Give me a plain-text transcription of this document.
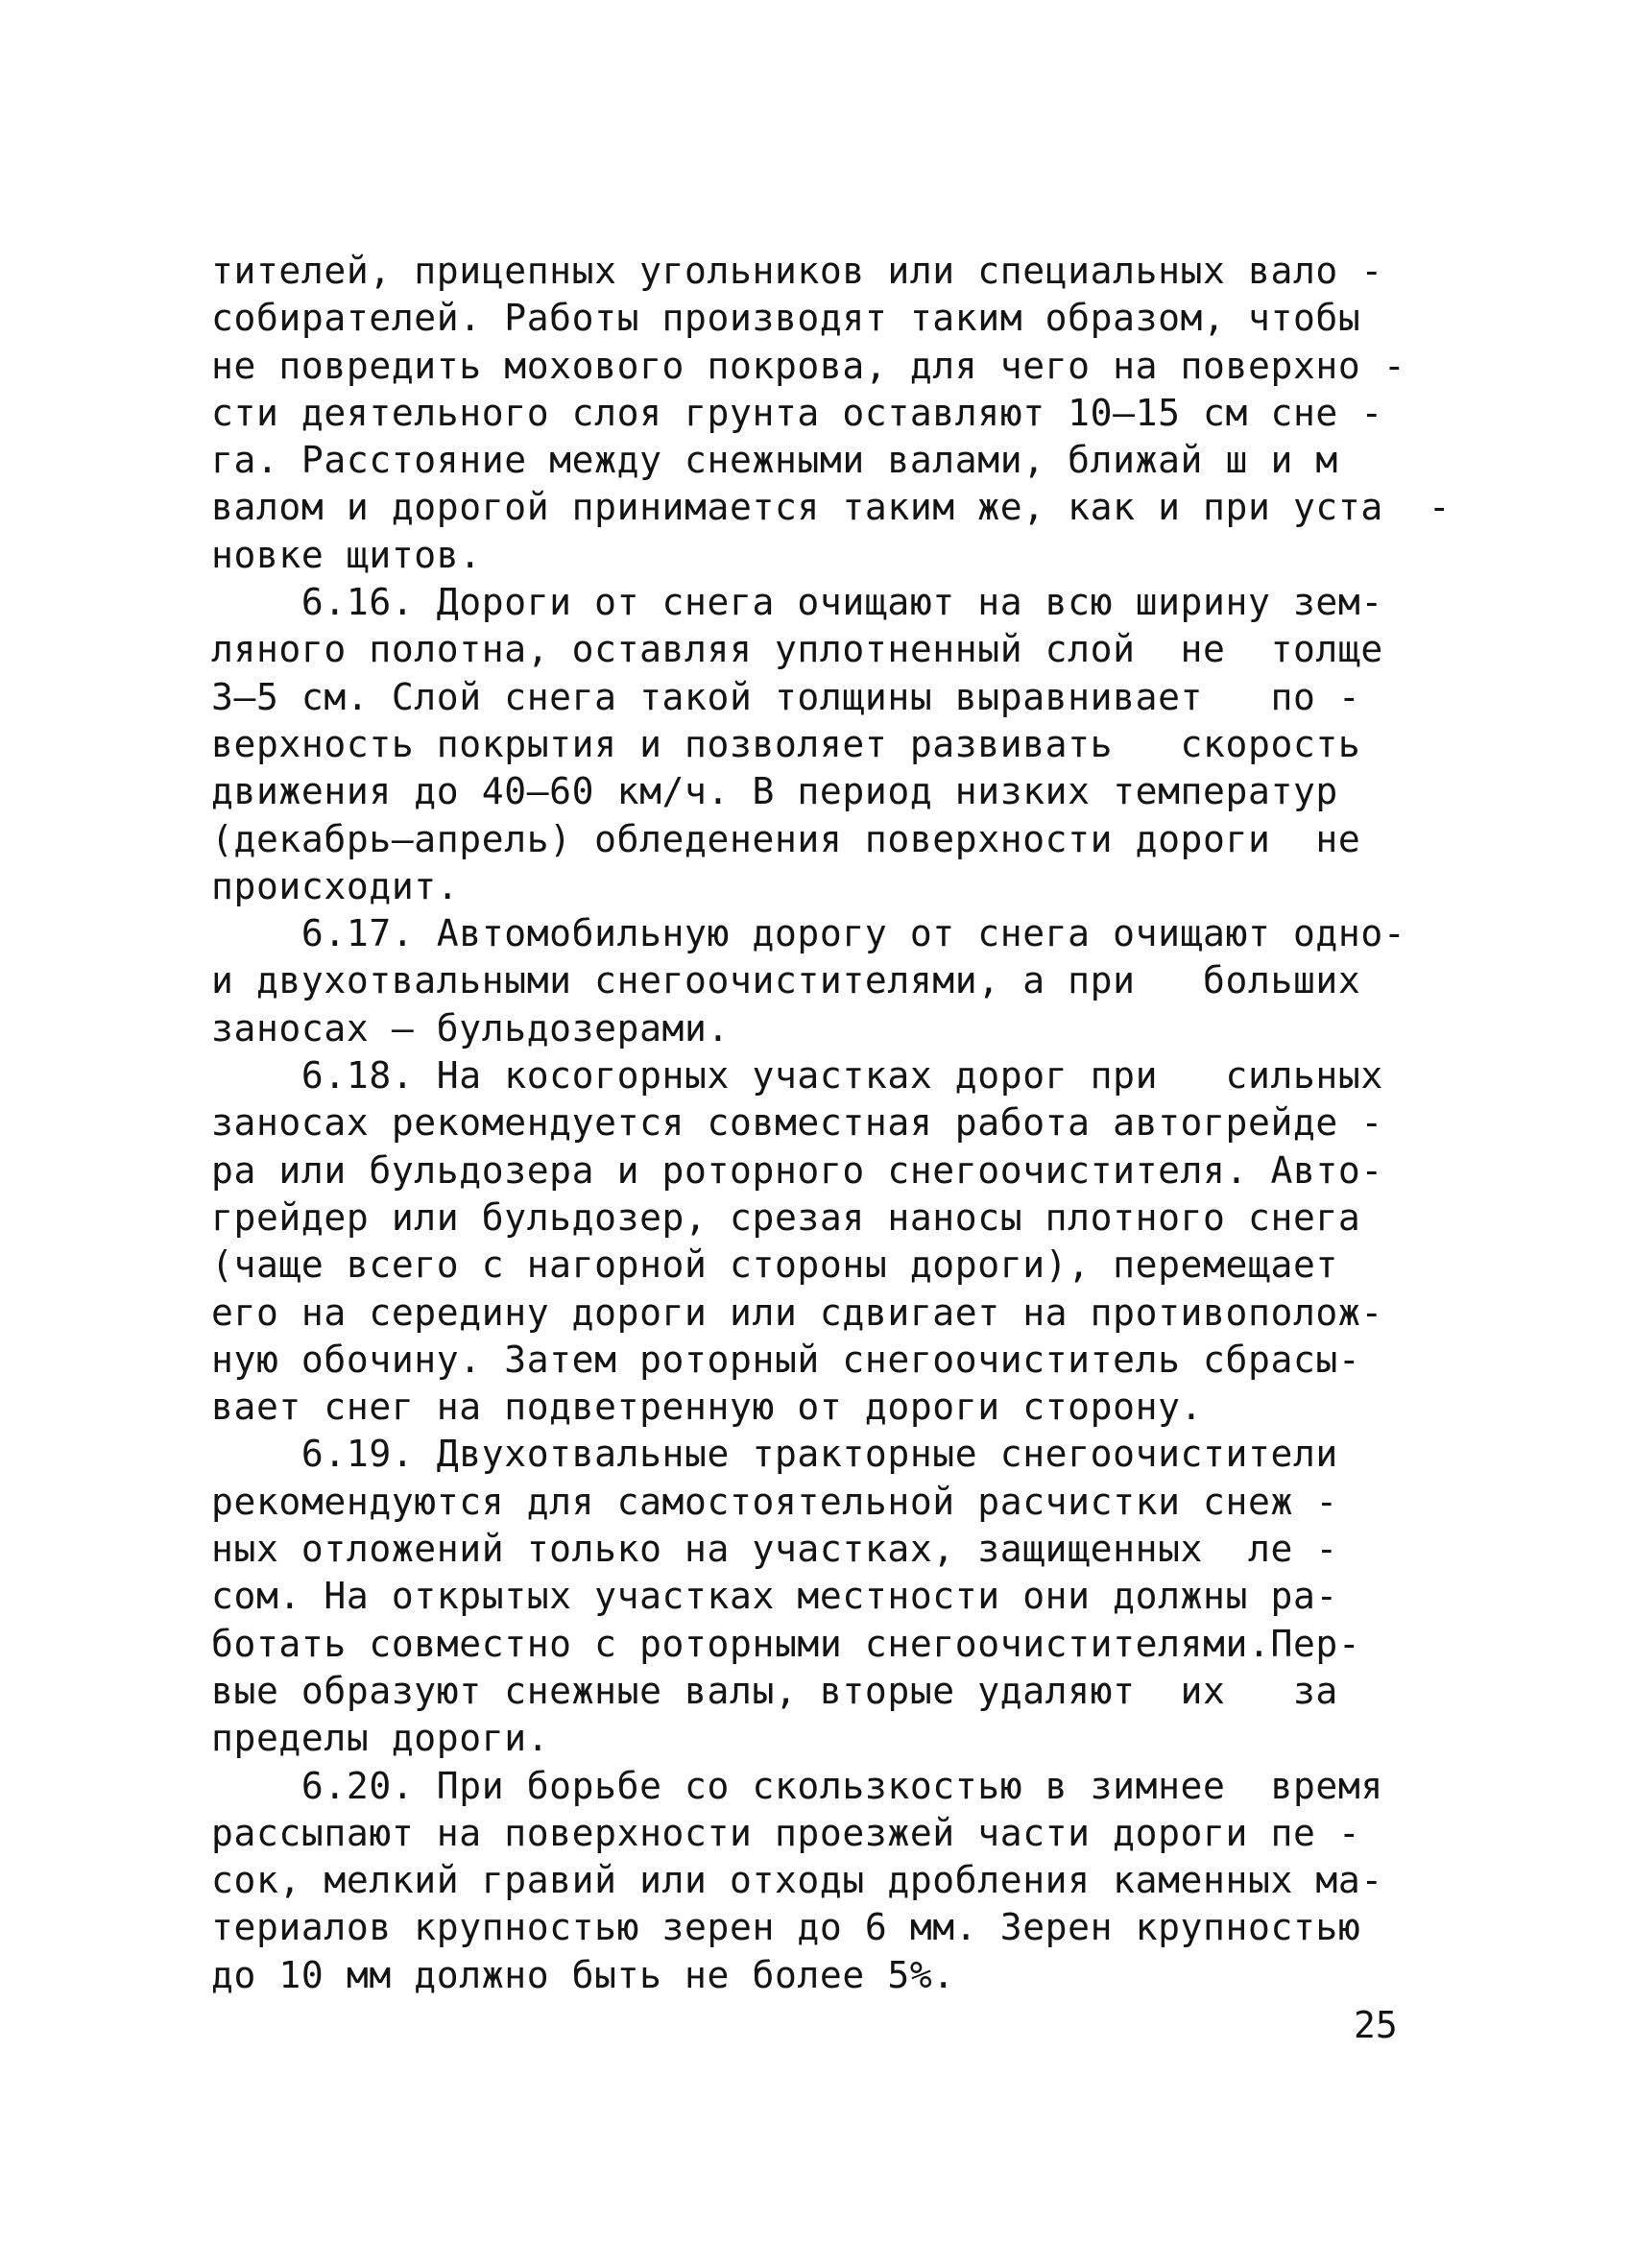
тителей, прицепных угольников или специальных вало -
собирателей. Работы производят таким образом, чтобы
не повредить мохового покрова, для чего на поверхно -
сти деятельного слоя грунта оставляют 10–15 см сне -
га. Расстояние между снежными валами, ближай ш и м
валом и дорогой принимается таким же, как и при уста  -
новке щитов.
6.16. Дороги от снега очищают на всю ширину зем-
ляного полотна, оставляя уплотненный слой  не  толще
3–5 см. Слой снега такой толщины выравнивает   по -
верхность покрытия и позволяет развивать   скорость
движения до 40–60 км/ч. В период низких температур
(декабрь–апрель) обледенения поверхности дороги  не
происходит.
6.17. Автомобильную дорогу от снега очищают одно-
и двухотвальными снегоочистителями, а при   больших
заносах – бульдозерами.
6.18. На косогорных участках дорог при   сильных
заносах рекомендуется совместная работа автогрейде -
ра или бульдозера и роторного снегоочистителя. Авто-
грейдер или бульдозер, срезая наносы плотного снега
(чаще всего с нагорной стороны дороги), перемещает
его на середину дороги или сдвигает на противополож-
ную обочину. Затем роторный снегоочиститель сбрасы-
вает снег на подветренную от дороги сторону.
6.19. Двухотвальные тракторные снегоочистители
рекомендуются для самостоятельной расчистки снеж -
ных отложений только на участках, защищенных  ле -
сом. На открытых участках местности они должны ра-
ботать совместно с роторными снегоочистителями.Пер-
вые образуют снежные валы, вторые удаляют  их   за
пределы дороги.
6.20. При борьбе со скользкостью в зимнее  время
рассыпают на поверхности проезжей части дороги пе -
сок, мелкий гравий или отходы дробления каменных ма-
териалов крупностью зерен до 6 мм. Зерен крупностью
до 10 мм должно быть не более 5%.
25
